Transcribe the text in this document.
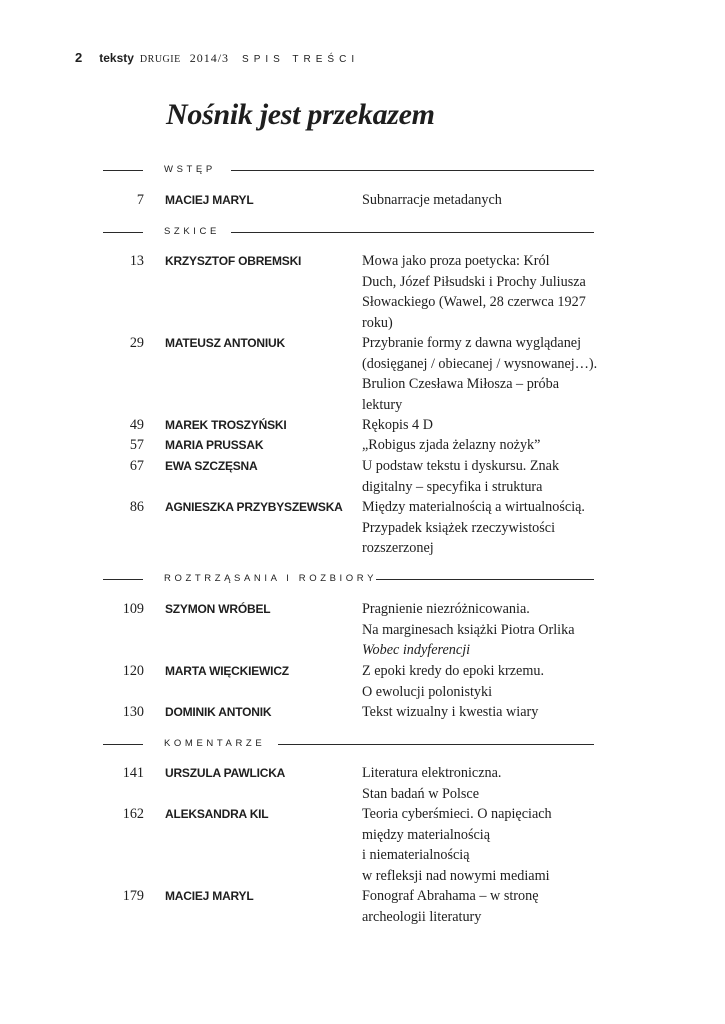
2 teksty DRUGIE 2014/3 SPIS TREŚCI
Nośnik jest przekazem
WSTĘP
7 MACIEJ MARYL	Subnarracje metadanych
SZKICE
13 KRZYSZTOF OBREMSKI	Mowa jako proza poetycka: Król
Duch, Józef Piłsudski i Prochy Juliusza
Słowackiego (Wawel, 28 czerwca 1927
roku)
29 MATEUSZ ANTONIUK	Przybranie formy z dawna wyglądanej
(dosięganej / obiecanej / wysnowanej…).
Brulion Czesława Miłosza – próba
lektury
49 MAREK TROSZYŃSKI	Rękopis 4 D
57 MARIA PRUSSAK	„Robigus zjada żelazny nożyk”
67 EWA SZCZĘSNA	U podstaw tekstu i dyskursu. Znak
digitalny – specyfika i struktura
86 AGNIESZKA PRZYBYSZEWSKA Między materialnością a wirtualnością.
Przypadek książek rzeczywistości
rozszerzonej
ROZTRZĄSANIA I ROZBIORY
109 SZYMON WRÓBEL	Pragnienie niezróżnicowania.
Na marginesach książki Piotra Orlika
Wobec indyferencji
120 MARTA WIĘCKIEWICZ	Z epoki kredy do epoki krzemu.
O ewolucji polonistyki
130 DOMINIK ANTONIK	Tekst wizualny i kwestia wiary
KOMENTARZE
141 URSZULA PAWLICKA	Literatura elektroniczna.
Stan badań w Polsce
162 ALEKSANDRA KIL	Teoria cyberśmieci. O napięciach
między materialnością
i niematerialnością
w refleksji nad nowymi mediami
179 MACIEJ MARYL	Fonograf Abrahama – w stronę
archeologii literatury
